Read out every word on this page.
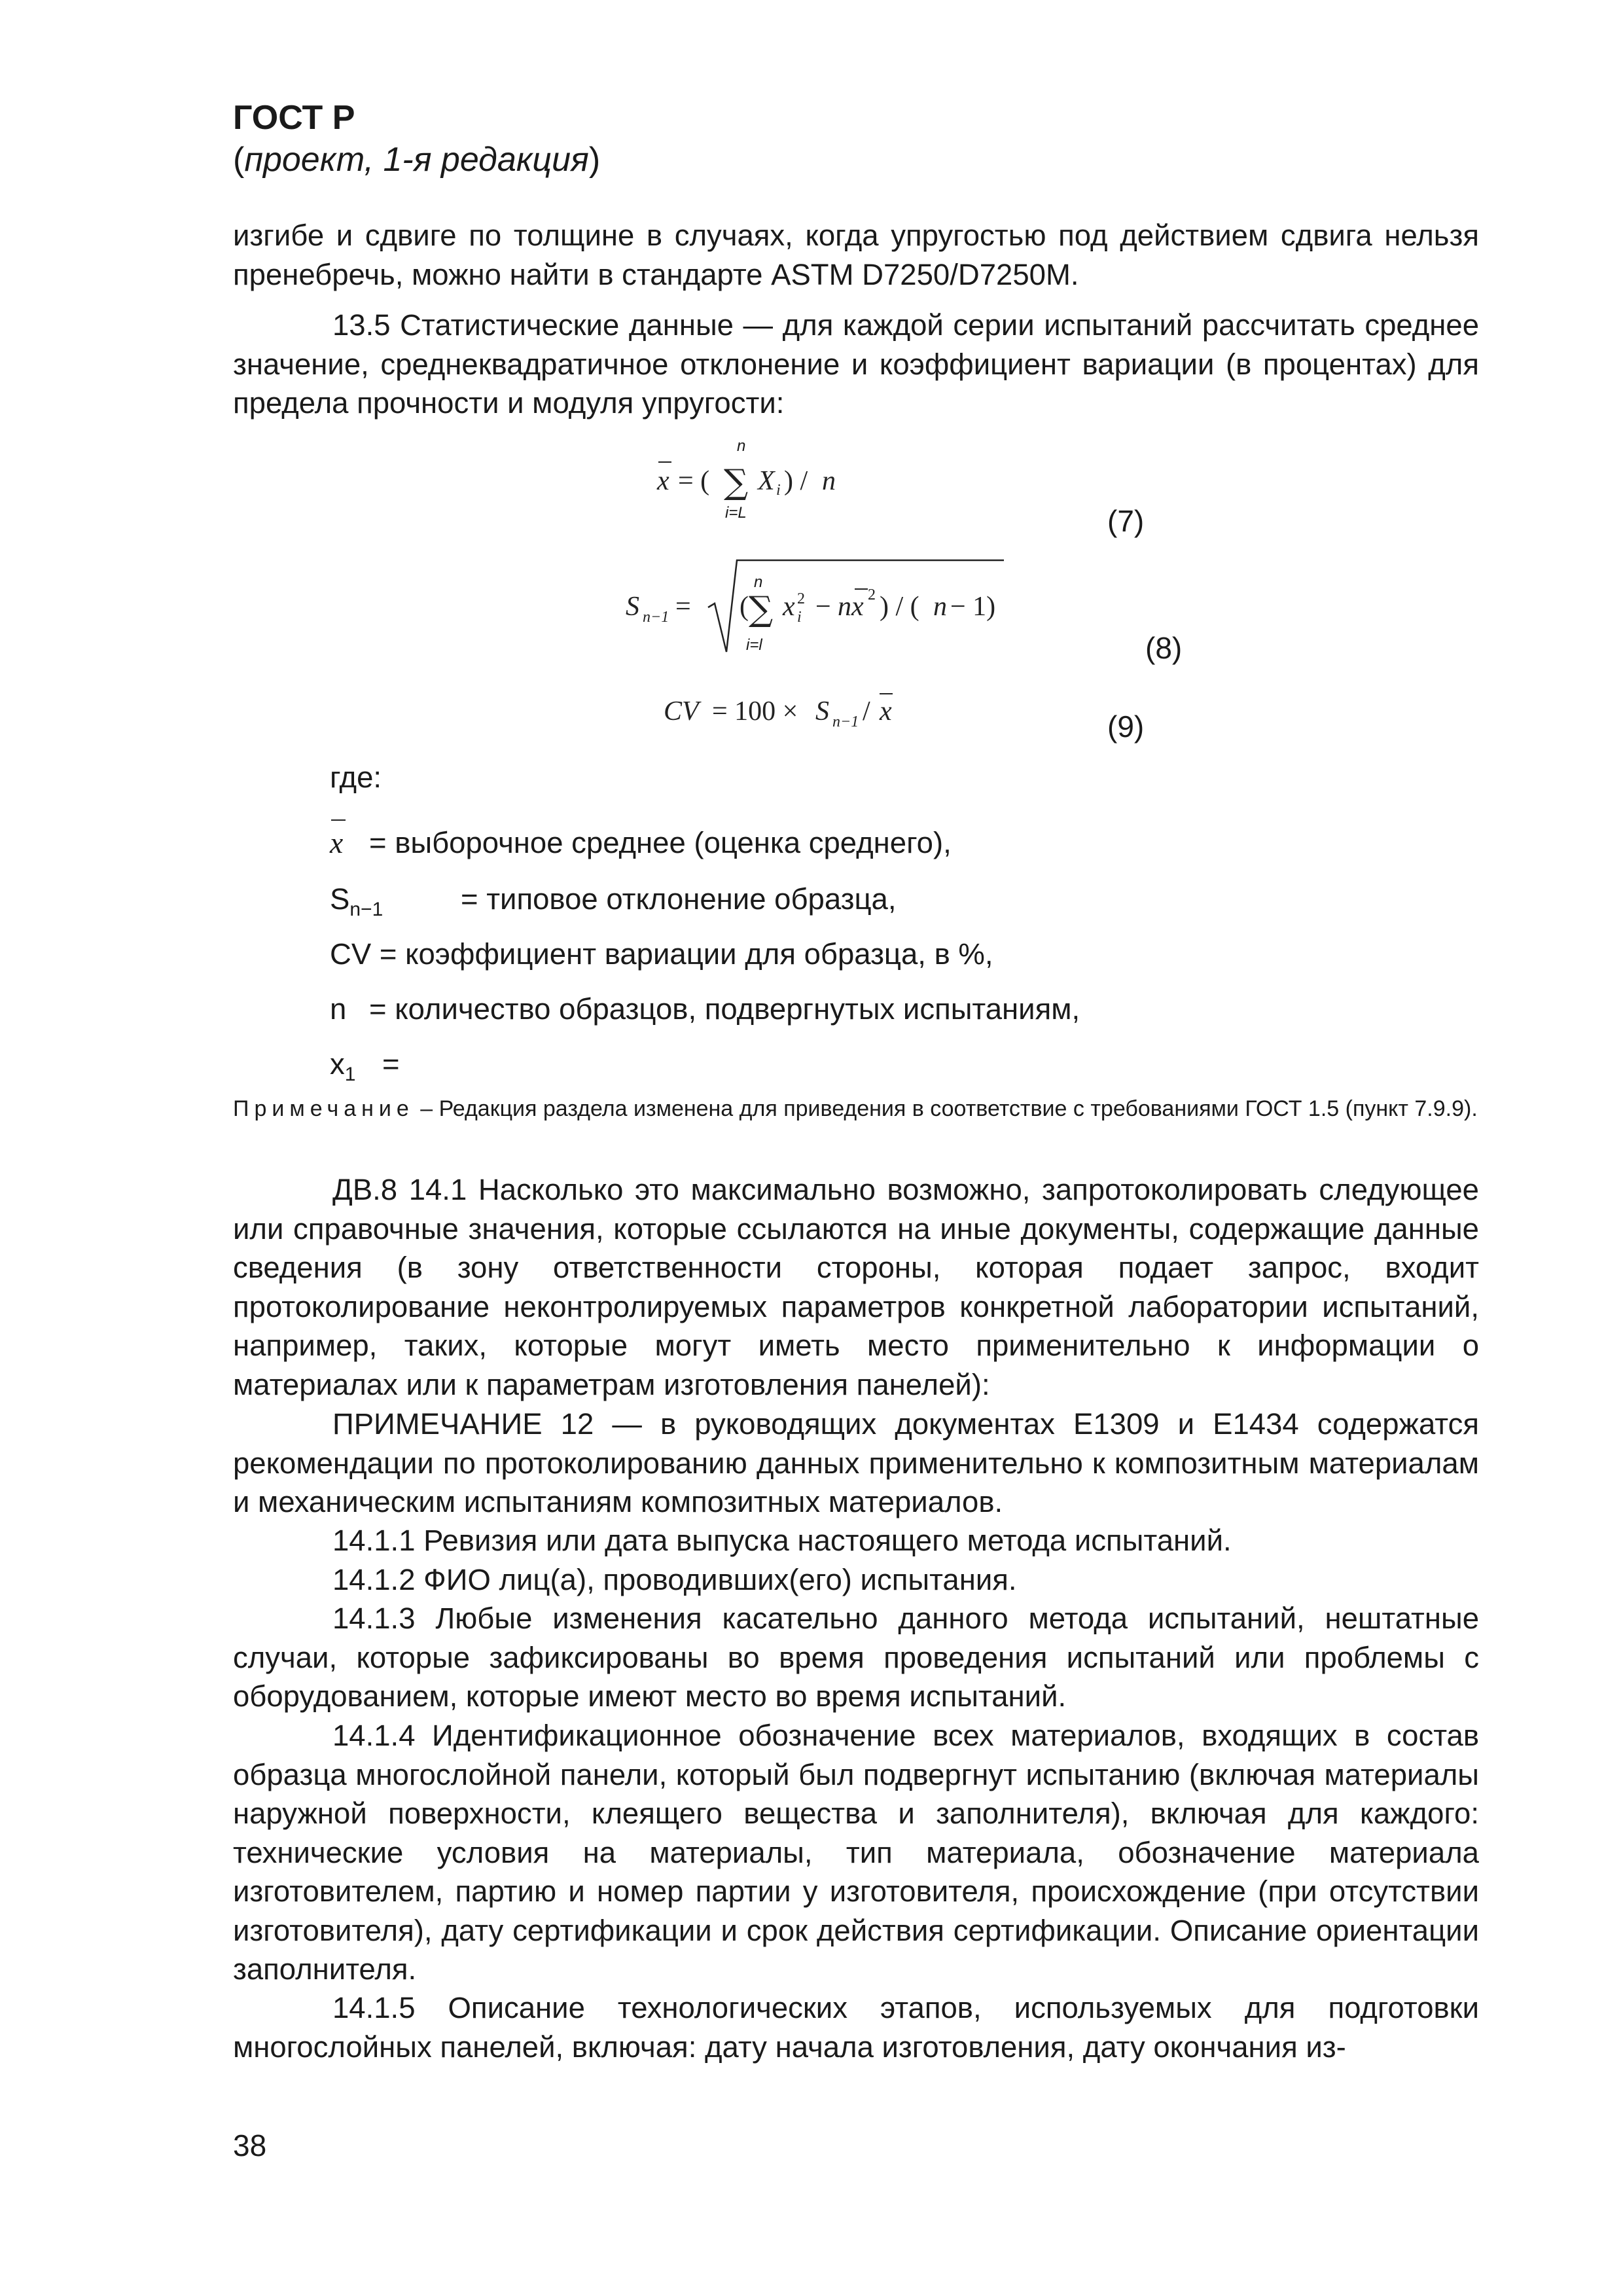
ГОСТ Р
(проект, 1-я редакция)
изгибе и сдвиге по толщине в случаях, когда упругостью под действием сдвига нельзя пренебречь, можно найти в стандарте ASTM D7250/D7250M.
13.5 Статистические данные — для каждой серии испытаний рассчитать среднее значение, среднеквадратичное отклонение и коэффициент вариации (в процентах) для предела прочности и модуля упругости:
x = ( ∑ X i ) / n
n
i=L	(7)
S n−1 = ( ∑ x 2
i − nx 2 ) / ( n − 1)
n
i=l	(8)
CV = 100 × S n−1 / x	(9)
где:
x = выборочное среднее (оценка среднего),
$S_{n-1}$	= типовое отклонение образца,
CV = коэффициент вариации для образца, в %,
n = количество образцов, подвергнутых испытаниям,
$x_1$ =
Примечание – Редакция раздела изменена для приведения в соответствие с требованиями ГОСТ 1.5 (пункт 7.9.9).
ДВ.8 14.1 Насколько это максимально возможно, запротоколировать следующее или справочные значения, которые ссылаются на иные документы, содержащие данные сведения (в зону ответственности стороны, которая подает запрос, входит протоколирование неконтролируемых параметров конкретной лаборатории испытаний, например, таких, которые могут иметь место применительно к информации о материалах или к параметрам изготовления панелей):
ПРИМЕЧАНИЕ 12 — в руководящих документах E1309 и E1434 содержатся рекомендации по протоколированию данных применительно к композитным материалам и механическим испытаниям композитных материалов.
14.1.1 Ревизия или дата выпуска настоящего метода испытаний.
14.1.2 ФИО лиц(а), проводивших(его) испытания.
14.1.3 Любые изменения касательно данного метода испытаний, нештатные случаи, которые зафиксированы во время проведения испытаний или проблемы с оборудованием, которые имеют место во время испытаний.
14.1.4 Идентификационное обозначение всех материалов, входящих в состав образца многослойной панели, который был подвергнут испытанию (включая материалы наружной поверхности, клеящего вещества и заполнителя), включая для каждого: технические условия на материалы, тип материала, обозначение материала изготовителем, партию и номер партии у изготовителя, происхождение (при отсутствии изготовителя), дату сертификации и срок действия сертификации. Описание ориентации заполнителя.
14.1.5 Описание технологических этапов, используемых для подготовки многослойных панелей, включая: дату начала изготовления, дату окончания из-
38
